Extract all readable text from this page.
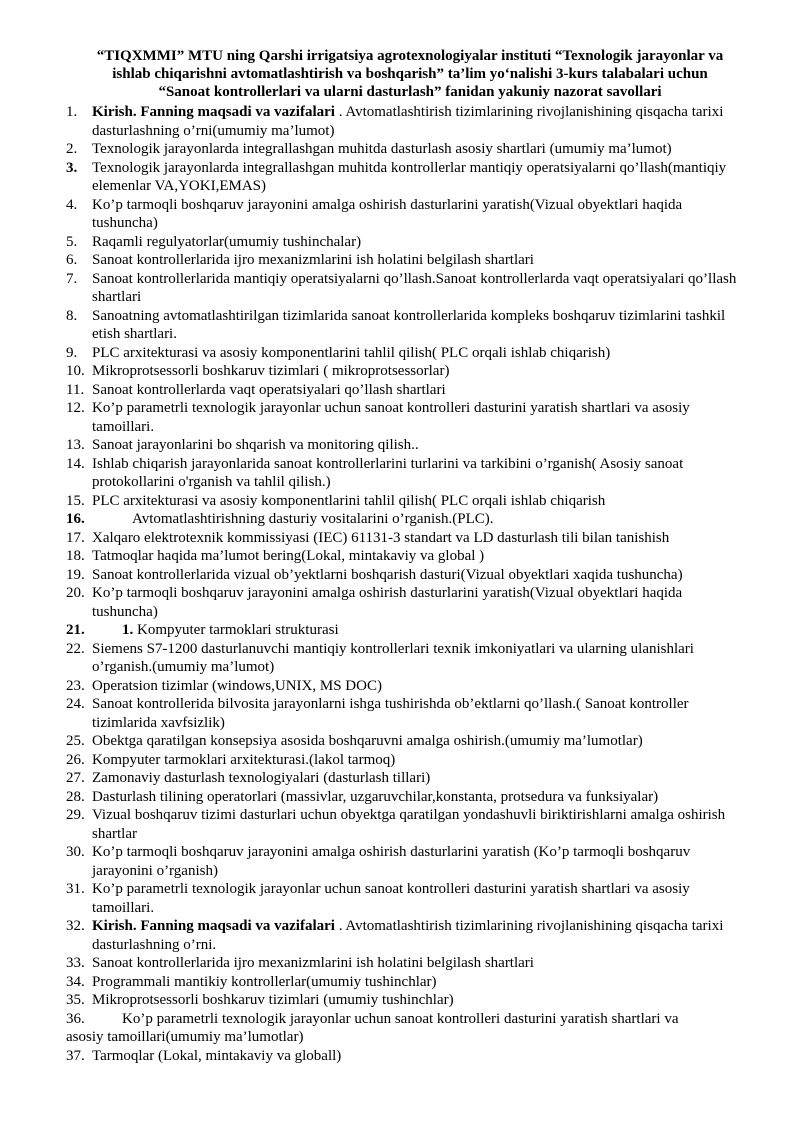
“TIQXMMI” MTU ning Qarshi irrigatsiya agrotexnologiyalar instituti “Texnologik jarayonlar va
ishlab chiqarishni avtomatlashtirish va boshqarish” ta’lim yo‘nalishi 3-kurs talabalari uchun
“Sanoat kontrollerlari va ularni dasturlash” fanidan yakuniy nazorat savollari
1. Kirish. Fanning maqsadi va vazifalari . Avtomatlashtirish tizimlarining rivojlanishining qisqacha tarixi dasturlashning o’rni(umumiy ma’lumot)
2. Texnologik jarayonlarda integrallashgan muhitda dasturlash asosiy shartlari (umumiy ma’lumot)
3. Texnologik jarayonlarda integrallashgan muhitda kontrollerlar mantiqiy operatsiyalarni qo’llash(mantiqiy elemenlar VA,YOKI,EMAS)
4. Ko’p tarmoqli boshqaruv jarayonini amalga oshirish dasturlarini yaratish(Vizual obyektlari haqida tushuncha)
5. Raqamli regulyatorlar(umumiy tushinchalar)
6. Sanoat kontrollerlarida ijro mexanizmlarini ish holatini belgilash shartlari
7. Sanoat kontrollerlarida mantiqiy operatsiyalarni qo’llash.Sanoat kontrollerlarda vaqt operatsiyalari qo’llash shartlari
8. Sanoatning avtomatlashtirilgan tizimlarida sanoat kontrollerlarida kompleks boshqaruv tizimlarini tashkil etish shartlari.
9. PLC arxitekturasi va asosiy komponentlarini tahlil qilish( PLC orqali ishlab chiqarish)
10. Mikroprotsessorli boshkaruv tizimlari ( mikroprotsessorlar)
11. Sanoat kontrollerlarda vaqt operatsiyalari qo’llash shartlari
12. Ko’p parametrli texnologik jarayonlar uchun sanoat kontrolleri dasturini yaratish shartlari va asosiy tamoillari.
13. Sanoat jarayonlarini bo shqarish va monitoring qilish..
14. Ishlab chiqarish jarayonlarida sanoat kontrollerlarini turlarini va tarkibini o’rganish( Asosiy sanoat protokollarini o'rganish va tahlil qilish.)
15. PLC arxitekturasi va asosiy komponentlarini tahlil qilish( PLC orqali ishlab chiqarish
16.	Avtomatlashtirishning dasturiy vositalarini o’rganish.(PLC).
17. Xalqaro elektrotexnik kommissiyasi (IEC) 61131-3 standart va LD dasturlash tili bilan tanishish
18. Tatmoqlar haqida ma’lumot bering(Lokal, mintakaviy va global )
19. Sanoat kontrollerlarida vizual ob’yektlarni boshqarish dasturi(Vizual obyektlari xaqida tushuncha)
20. Ko’p tarmoqli boshqaruv jarayonini amalga oshirish dasturlarini yaratish(Vizual obyektlari haqida tushuncha)
21.	1. Kompyuter tarmoklari strukturasi
22. Siemens S7-1200 dasturlanuvchi mantiqiy kontrollerlari texnik imkoniyatlari va ularning ulanishlari o’rganish.(umumiy ma’lumot)
23. Operatsion tizimlar (windows,UNIX, MS DOC)
24. Sanoat kontrollerida bilvosita jarayonlarni ishga tushirishda ob’ektlarni qo’llash.( Sanoat kontroller tizimlarida xavfsizlik)
25. Obektga qaratilgan konsepsiya asosida boshqaruvni amalga oshirish.(umumiy ma’lumotlar)
26. Kompyuter tarmoklari arxitekturasi.(lakol tarmoq)
27. Zamonaviy dasturlash texnologiyalari (dasturlash tillari)
28. Dasturlash tilining operatorlari (massivlar, uzgaruvchilar,konstanta, protsedura va funksiyalar)
29. Vizual boshqaruv tizimi dasturlari uchun obyektga qaratilgan yondashuvli biriktirishlarni amalga oshirish shartlar
30. Ko’p tarmoqli boshqaruv jarayonini amalga oshirish dasturlarini yaratish (Ko’p tarmoqli boshqaruv jarayonini o’rganish)
31. Ko’p parametrli texnologik jarayonlar uchun sanoat kontrolleri dasturini yaratish shartlari va asosiy tamoillari.
32. Kirish. Fanning maqsadi va vazifalari . Avtomatlashtirish tizimlarining rivojlanishining qisqacha tarixi dasturlashning o’rni.
33. Sanoat kontrollerlarida ijro mexanizmlarini ish holatini belgilash shartlari
34. Programmali mantikiy kontrollerlar(umumiy tushinchlar)
35. Mikroprotsessorli boshkaruv tizimlari (umumiy tushinchlar)
36.	Ko’p parametrli texnologik jarayonlar uchun sanoat kontrolleri dasturini yaratish shartlari va
asosiy tamoillari(umumiy ma’lumotlar)
37. Tarmoqlar (Lokal, mintakaviy va globall)
